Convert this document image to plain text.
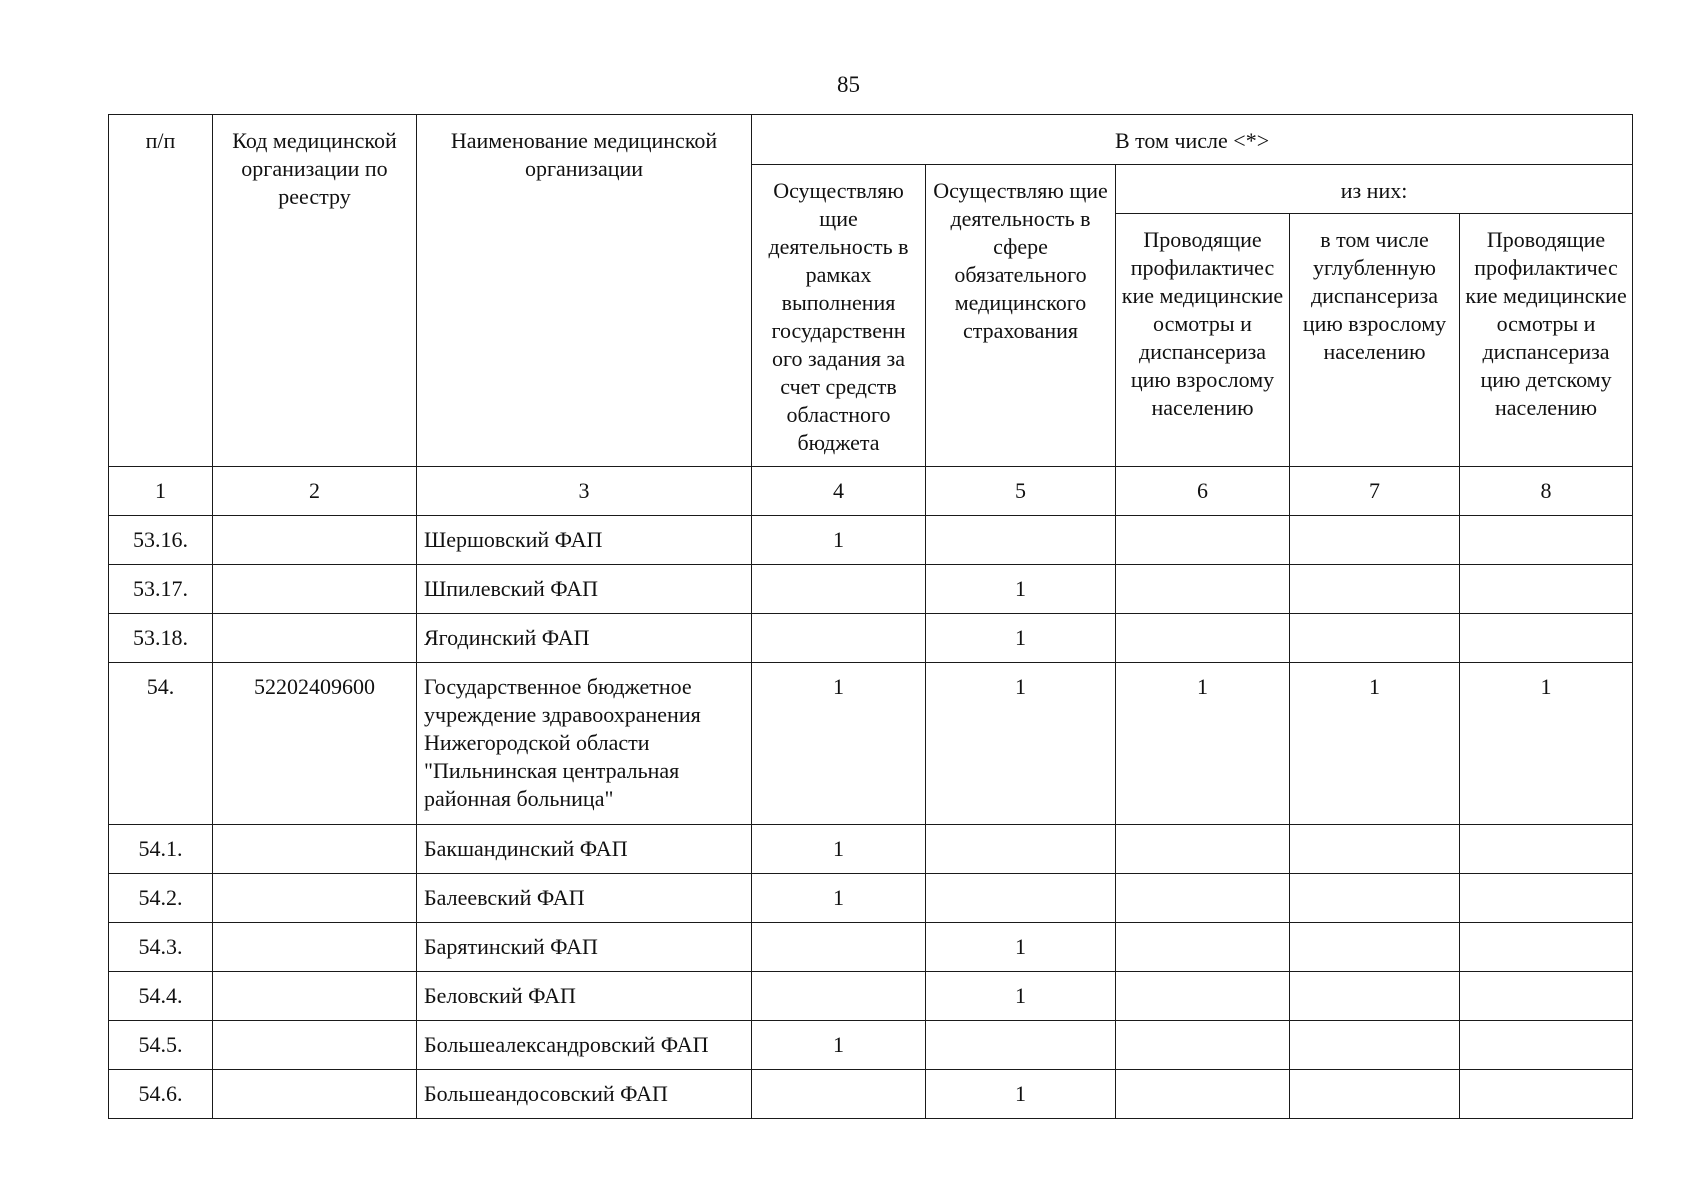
85
п/п	Код медицинской организации по реестру	Наименование медицинской организации	В том числе <*>				
			Осуществляю щие деятельность в рамках выполнения государственн ого задания за счет средств областного бюджета	Осуществляю щие деятельность в сфере обязательного медицинского страхования	из них:		
					Проводящие профилактичес кие медицинские осмотры и диспансериза цию взрослому населению	в том числе углубленную диспансериза цию взрослому населению	Проводящие профилактичес кие медицинские осмотры и диспансериза цию детскому населению
1	2	3	4	5	6	7	8
53.16.		Шершовский ФАП	1				
53.17.		Шпилевский ФАП		1			
53.18.		Ягодинский ФАП		1			
54.	52202409600	Государственное бюджетное учреждение здравоохранения Нижегородской области "Пильнинская центральная районная больница"	1	1	1	1	1
54.1.		Бакшандинский ФАП	1				
54.2.		Балеевский ФАП	1				
54.3.		Барятинский ФАП		1			
54.4.		Беловский ФАП		1			
54.5.		Большеалександровский ФАП	1				
54.6.		Большеандосовский ФАП		1			
